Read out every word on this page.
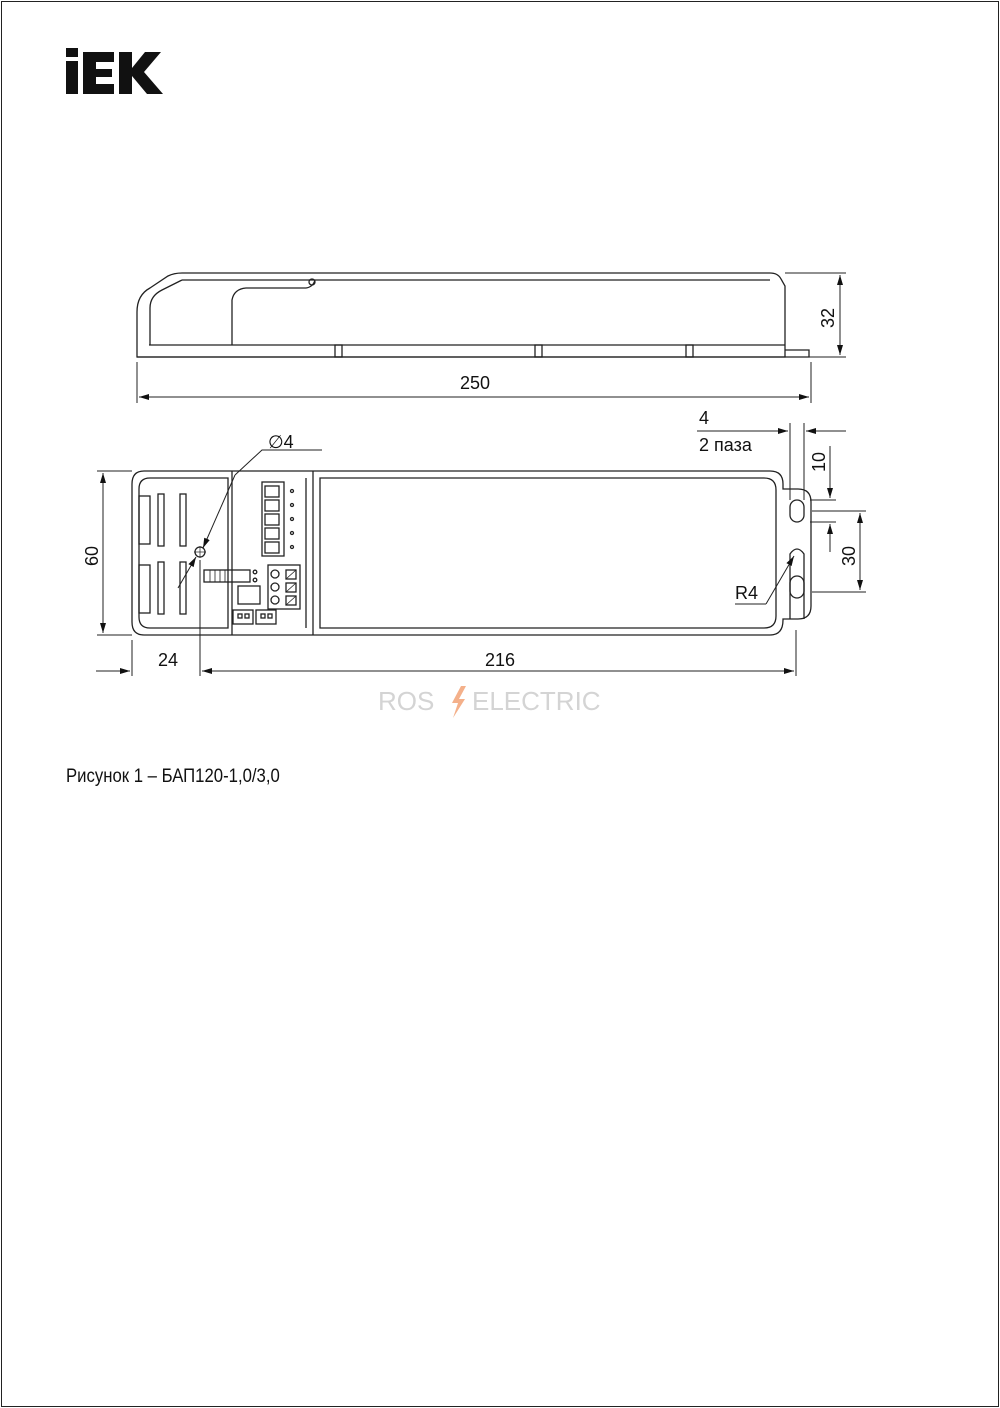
250
32
∅4
4
2 паза
10
30
60
R4
24	216
ROS ELECTRIC
Рисунок 1 – БАП120-1,0/3,0
